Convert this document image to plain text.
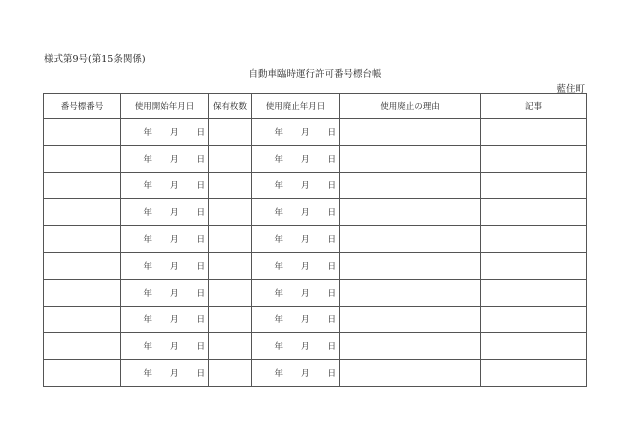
様式第9号(第15条関係)
自動車臨時運行許可番号標台帳
藍住町
番号標番号	使用開始年月日	保有枚数	使用廃止年月日	使用廃止の理由	記事

	年 月 日		年 月 日		

	年 月 日		年 月 日		

	年 月 日		年 月 日		

	年 月 日		年 月 日		

	年 月 日		年 月 日		

	年 月 日		年 月 日		

	年 月 日		年 月 日		

	年 月 日		年 月 日		

	年 月 日		年 月 日		

	年 月 日		年 月 日		
